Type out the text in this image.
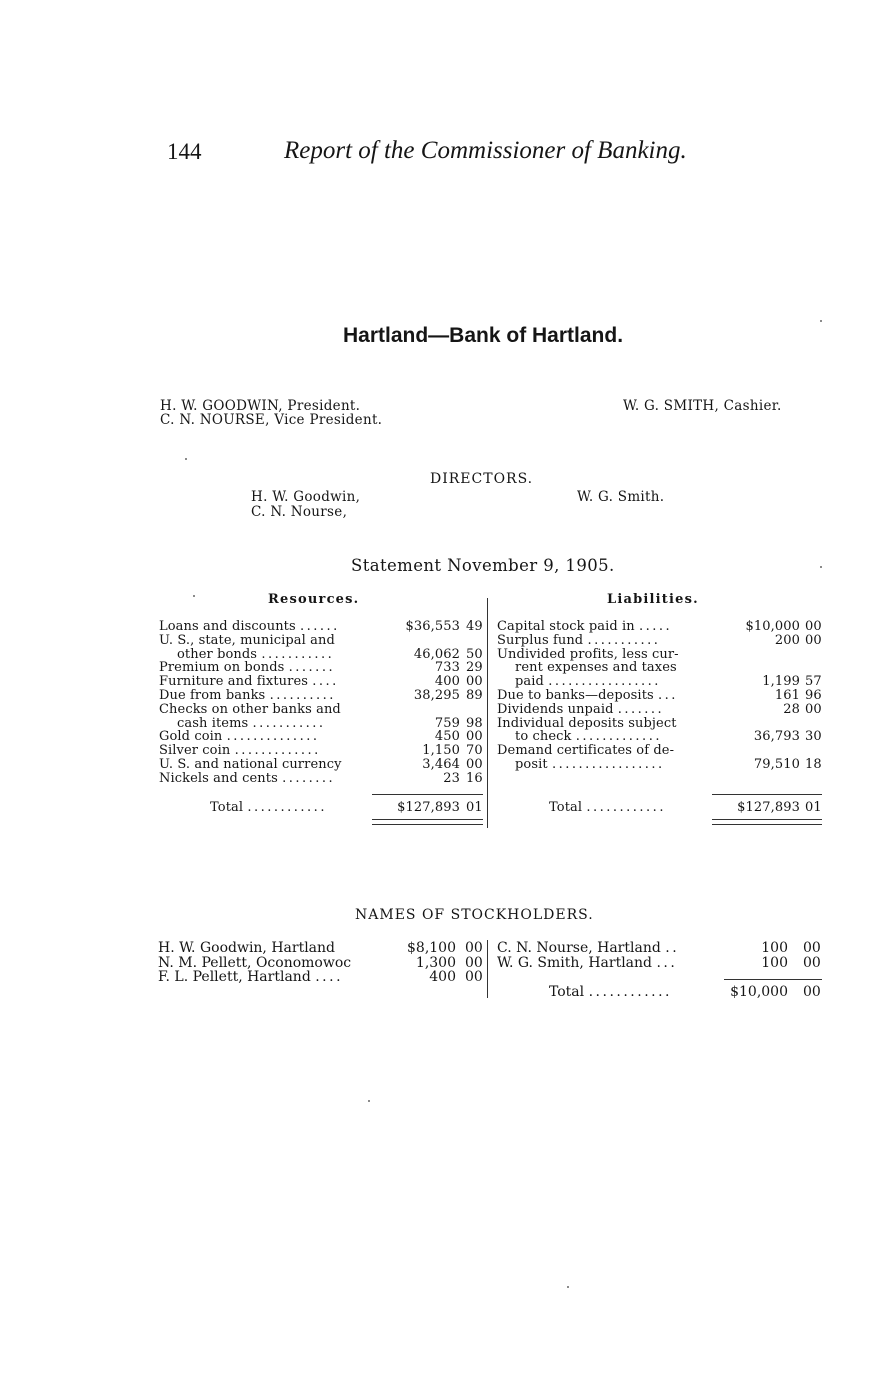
144	Report of the Commissioner of Banking.
Hartland—Bank of Hartland.
H. W. GOODWIN, President.
C. N. NOURSE, Vice President.
W. G. SMITH, Cashier.
DIRECTORS.
H. W. Goodwin,
C. N. Nourse,
W. G. Smith.
Statement November 9, 1905.
Resources.	Liabilities.
Loans and discounts ......	$36,553 49
U. S., state, municipal and
other bonds ...........	46,062 50
Premium on bonds .......	733 29
Furniture and fixtures ....	400 00
Due from banks ..........	38,295 89
Checks on other banks and
cash items ...........	759 98
Gold coin ..............	450 00
Silver coin .............	1,150 70
U. S. and national currency	3,464 00
Nickels and cents ........	23 16
Total ............	$127,893 01
Capital stock paid in .....	$10,000 00
Surplus fund ...........	200 00
Undivided profits, less cur-
rent expenses and taxes
paid .................	1,199 57
Due to banks—deposits ...	161 96
Dividends unpaid .......	28 00
Individual deposits subject
to check .............	36,793 30
Demand certificates of de-
posit .................	79,510 18
Total ............	$127,893 01
NAMES OF STOCKHOLDERS.
H. W. Goodwin, Hartland	$8,100 00
N. M. Pellett, Oconomowoc	1,300 00
F. L. Pellett, Hartland ....	400 00
C. N. Nourse, Hartland ..	100 00
W. G. Smith, Hartland ...	100 00
Total ............	$10,000 00
